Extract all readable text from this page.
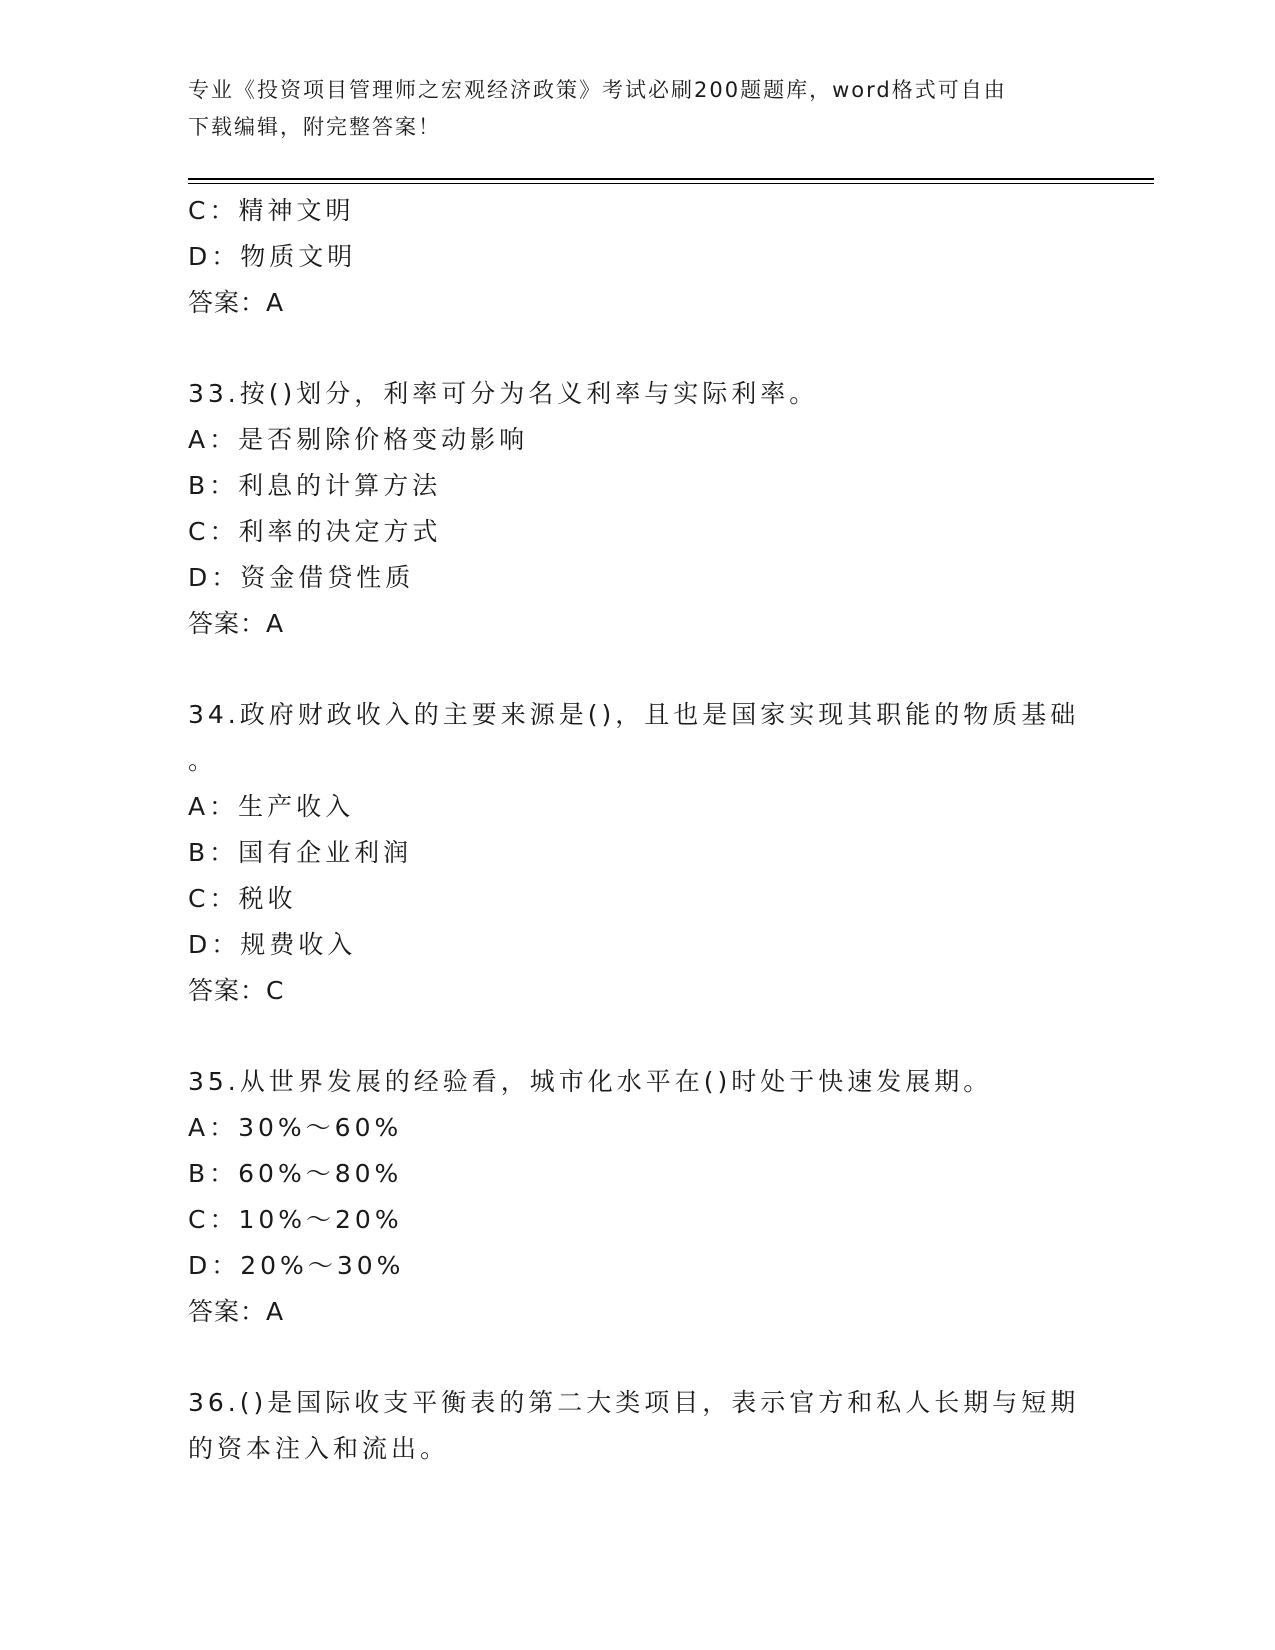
专业《投资项目管理师之宏观经济政策》考试必刷200题题库，word格式可自由
下载编辑，附完整答案！
C：精神文明
D：物质文明
答案：A
33.按()划分，利率可分为名义利率与实际利率。
A：是否剔除价格变动影响
B：利息的计算方法
C：利率的决定方式
D：资金借贷性质
答案：A
34.政府财政收入的主要来源是()，且也是国家实现其职能的物质基础
。
A：生产收入
B：国有企业利润
C：税收
D：规费收入
答案：C
35.从世界发展的经验看，城市化水平在()时处于快速发展期。
A：30%～60%
B：60%～80%
C：10%～20%
D：20%～30%
答案：A
36.()是国际收支平衡表的第二大类项目，表示官方和私人长期与短期
的资本注入和流出。
